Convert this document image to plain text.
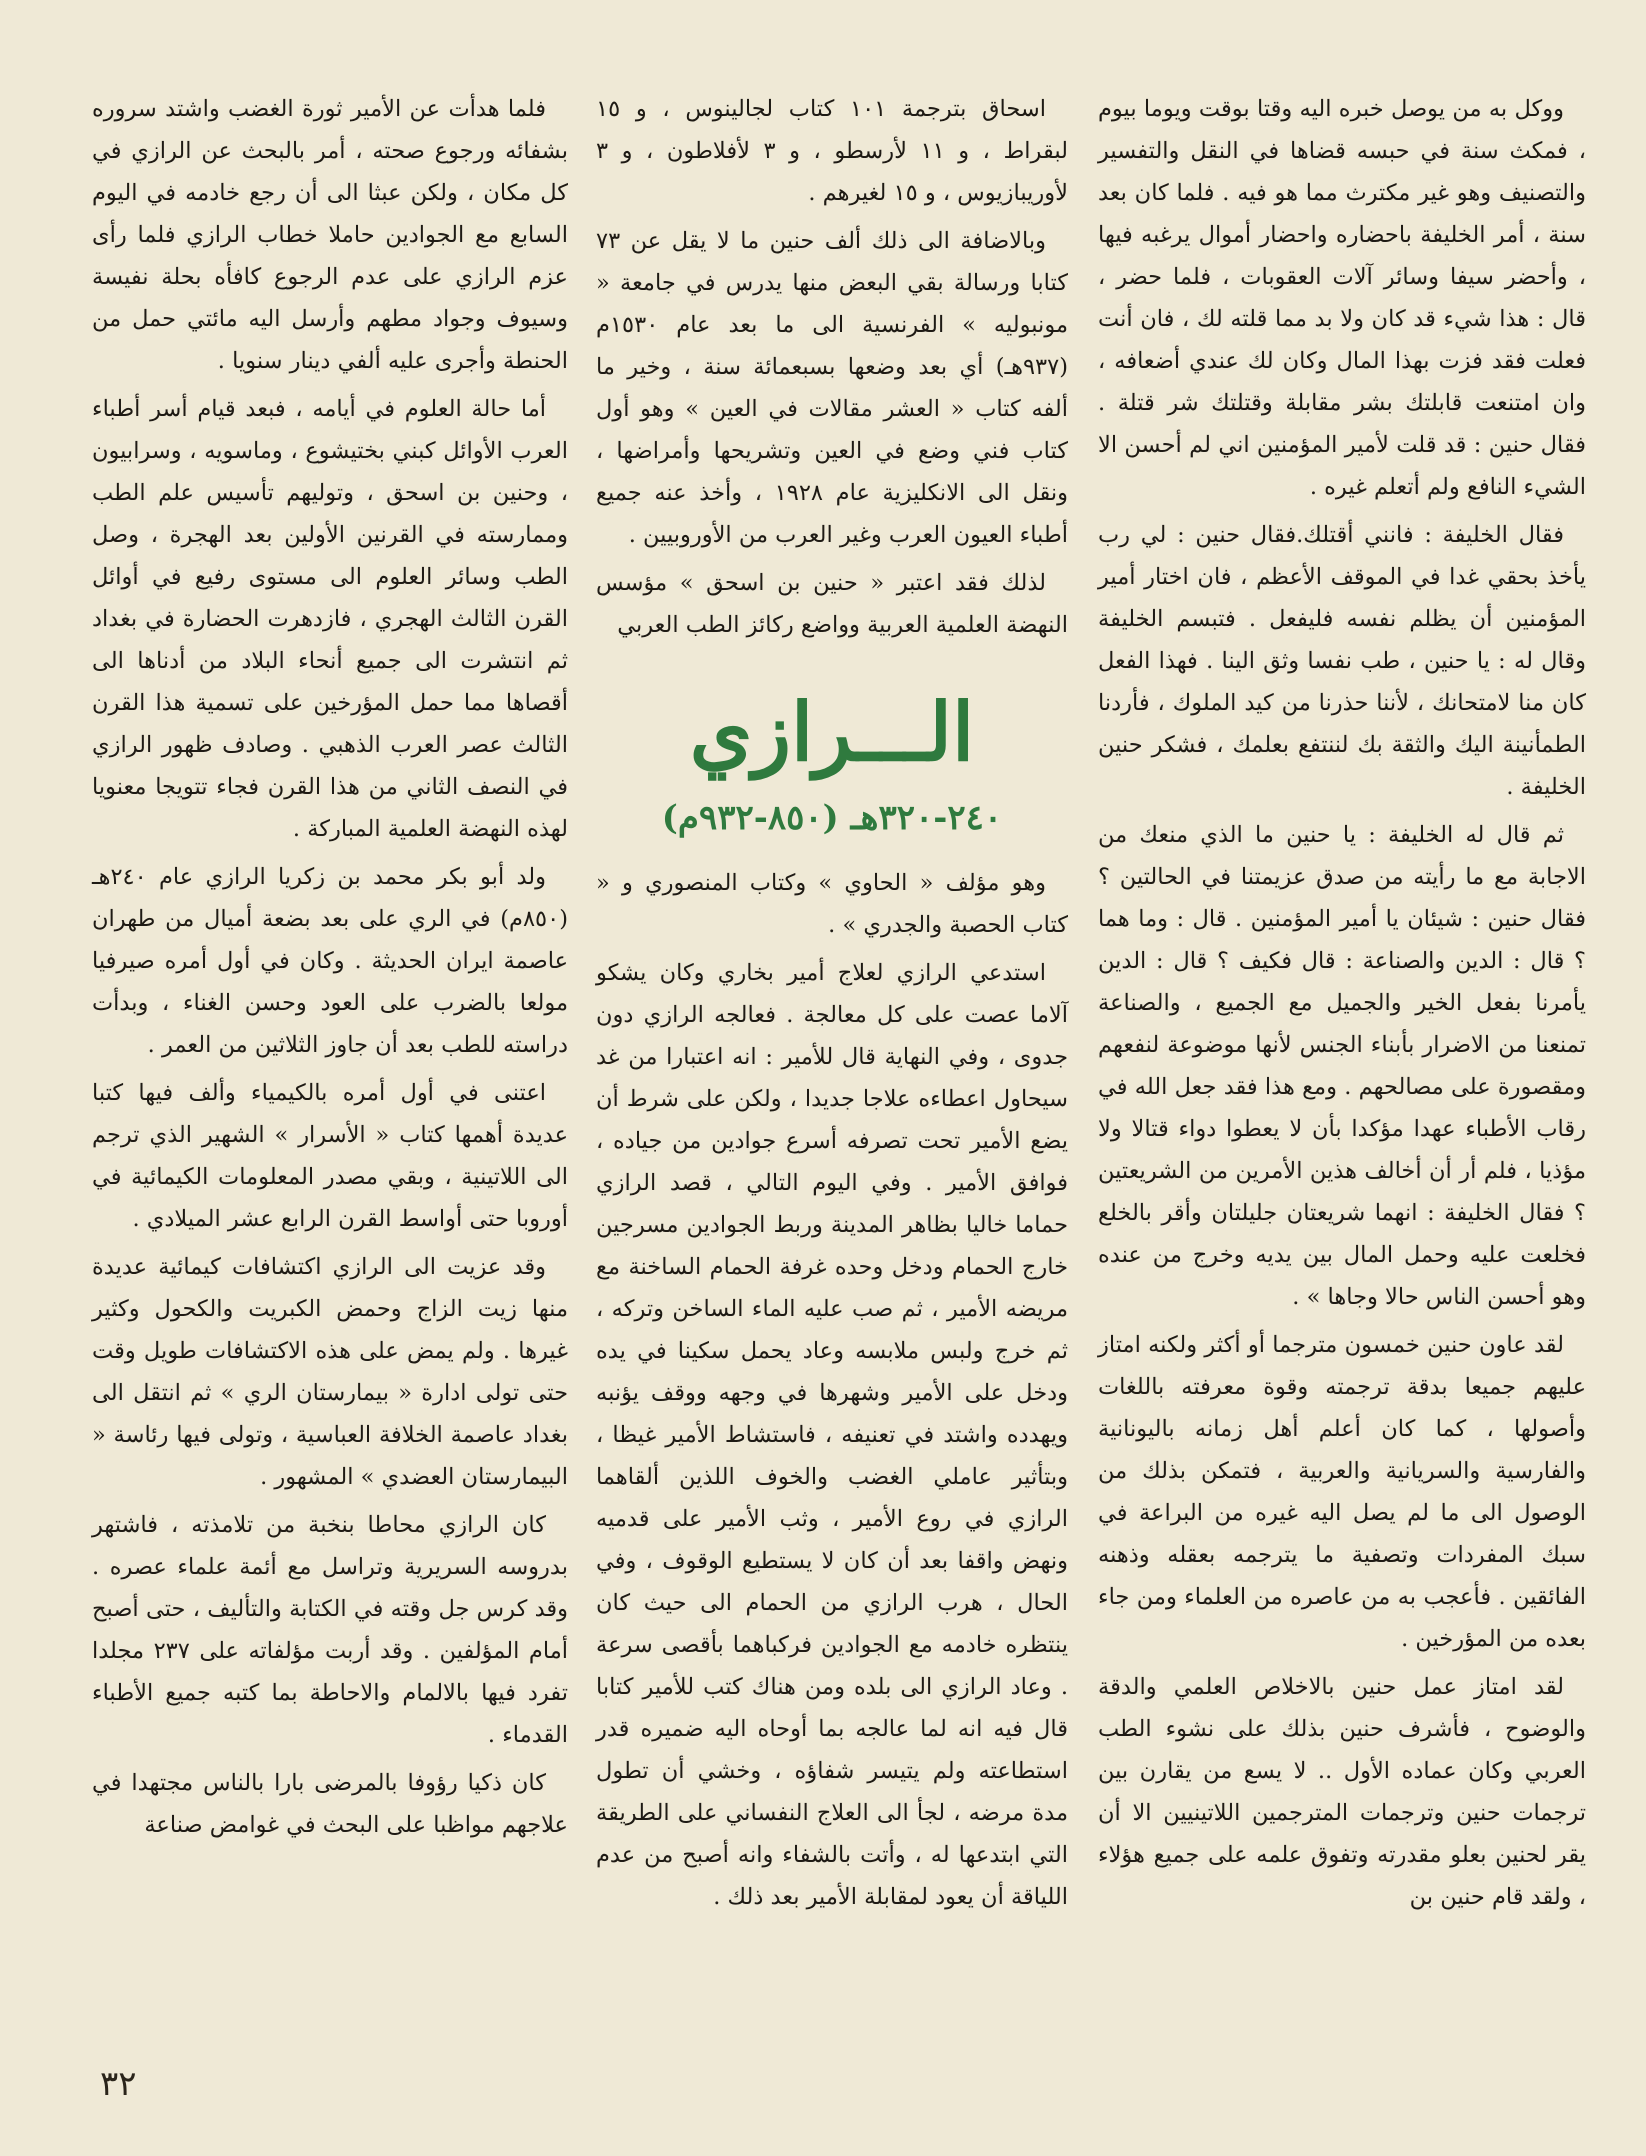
ووكل به من يوصل خبره اليه وقتا بوقت ويوما بيوم ، فمكث سنة في حبسه قضاها في النقل والتفسير والتصنيف وهو غير مكترث مما هو فيه . فلما كان بعد سنة ، أمر الخليفة باحضاره واحضار أموال يرغبه فيها ، وأحضر سيفا وسائر آلات العقوبات ، فلما حضر ، قال : هذا شيء قد كان ولا بد مما قلته لك ، فان أنت فعلت فقد فزت بهذا المال وكان لك عندي أضعافه ، وان امتنعت قابلتك بشر مقابلة وقتلتك شر قتلة . فقال حنين : قد قلت لأمير المؤمنين اني لم أحسن الا الشيء النافع ولم أتعلم غيره .

فقال الخليفة : فانني أقتلك.فقال حنين : لي رب يأخذ بحقي غدا في الموقف الأعظم ، فان اختار أمير المؤمنين أن يظلم نفسه فليفعل . فتبسم الخليفة وقال له : يا حنين ، طب نفسا وثق الينا . فهذا الفعل كان منا لامتحانك ، لأننا حذرنا من كيد الملوك ، فأردنا الطمأنينة اليك والثقة بك لننتفع بعلمك ، فشكر حنين الخليفة .

ثم قال له الخليفة : يا حنين ما الذي منعك من الاجابة مع ما رأيته من صدق عزيمتنا في الحالتين ؟ فقال حنين : شيئان يا أمير المؤمنين . قال : وما هما ؟ قال : الدين والصناعة : قال فكيف ؟ قال : الدين يأمرنا بفعل الخير والجميل مع الجميع ، والصناعة تمنعنا من الاضرار بأبناء الجنس لأنها موضوعة لنفعهم ومقصورة على مصالحهم . ومع هذا فقد جعل الله في رقاب الأطباء عهدا مؤكدا بأن لا يعطوا دواء قتالا ولا مؤذيا ، فلم أر أن أخالف هذين الأمرين من الشريعتين ؟ فقال الخليفة : انهما شريعتان جليلتان وأقر بالخلع فخلعت عليه وحمل المال بين يديه وخرج من عنده وهو أحسن الناس حالا وجاها » .

لقد عاون حنين خمسون مترجما أو أكثر ولكنه امتاز عليهم جميعا بدقة ترجمته وقوة معرفته باللغات وأصولها ، كما كان أعلم أهل زمانه باليونانية والفارسية والسريانية والعربية ، فتمكن بذلك من الوصول الى ما لم يصل اليه غيره من البراعة في سبك المفردات وتصفية ما يترجمه بعقله وذهنه الفائقين . فأعجب به من عاصره من العلماء ومن جاء بعده من المؤرخين .

لقد امتاز عمل حنين بالاخلاص العلمي والدقة والوضوح ، فأشرف حنين بذلك على نشوء الطب العربي وكان عماده الأول .. لا يسع من يقارن بين ترجمات حنين وترجمات المترجمين اللاتينيين الا أن يقر لحنين بعلو مقدرته وتفوق علمه على جميع هؤلاء ، ولقد قام حنين بن

اسحاق بترجمة ١٠١ كتاب لجالينوس ، و ١٥ لبقراط ، و ١١ لأرسطو ، و ٣ لأفلاطون ، و ٣ لأوريبازيوس ، و ١٥ لغيرهم .

وبالاضافة الى ذلك ألف حنين ما لا يقل عن ٧٣ كتابا ورسالة بقي البعض منها يدرس في جامعة « مونبوليه » الفرنسية الى ما بعد عام ١٥٣٠م (٩٣٧هـ) أي بعد وضعها بسبعمائة سنة ، وخير ما ألفه كتاب « العشر مقالات في العين » وهو أول كتاب فني وضع في العين وتشريحها وأمراضها ، ونقل الى الانكليزية عام ١٩٢٨ ، وأخذ عنه جميع أطباء العيون العرب وغير العرب من الأوروبيين .

لذلك فقد اعتبر « حنين بن اسحق » مؤسس النهضة العلمية العربية وواضع ركائز الطب العربي

الـــرازي
٢٤٠-٣٢٠هـ (٨٥٠-٩٣٢م)

وهو مؤلف « الحاوي » وكتاب المنصوري و « كتاب الحصبة والجدري » .

استدعي الرازي لعلاج أمير بخاري وكان يشكو آلاما عصت على كل معالجة . فعالجه الرازي دون جدوى ، وفي النهاية قال للأمير : انه اعتبارا من غد سيحاول اعطاءه علاجا جديدا ، ولكن على شرط أن يضع الأمير تحت تصرفه أسرع جوادين من جياده ، فوافق الأمير . وفي اليوم التالي ، قصد الرازي حماما خاليا بظاهر المدينة وربط الجوادين مسرجين خارج الحمام ودخل وحده غرفة الحمام الساخنة مع مريضه الأمير ، ثم صب عليه الماء الساخن وتركه ، ثم خرج ولبس ملابسه وعاد يحمل سكينا في يده ودخل على الأمير وشهرها في وجهه ووقف يؤنبه ويهدده واشتد في تعنيفه ، فاستشاط الأمير غيظا ، وبتأثير عاملي الغضب والخوف اللذين ألقاهما الرازي في روع الأمير ، وثب الأمير على قدميه ونهض واقفا بعد أن كان لا يستطيع الوقوف ، وفي الحال ، هرب الرازي من الحمام الى حيث كان ينتظره خادمه مع الجوادين فركباهما بأقصى سرعة . وعاد الرازي الى بلده ومن هناك كتب للأمير كتابا قال فيه انه لما عالجه بما أوحاه اليه ضميره قدر استطاعته ولم يتيسر شفاؤه ، وخشي أن تطول مدة مرضه ، لجأ الى العلاج النفساني على الطريقة التي ابتدعها له ، وأتت بالشفاء وانه أصبح من عدم اللياقة أن يعود لمقابلة الأمير بعد ذلك .

فلما هدأت عن الأمير ثورة الغضب واشتد سروره بشفائه ورجوع صحته ، أمر بالبحث عن الرازي في كل مكان ، ولكن عبثا الى أن رجع خادمه في اليوم السابع مع الجوادين حاملا خطاب الرازي فلما رأى عزم الرازي على عدم الرجوع كافأه بحلة نفيسة وسيوف وجواد مطهم وأرسل اليه مائتي حمل من الحنطة وأجرى عليه ألفي دينار سنويا .

أما حالة العلوم في أيامه ، فبعد قيام أسر أطباء العرب الأوائل كبني بختيشوع ، وماسويه ، وسرابيون ، وحنين بن اسحق ، وتوليهم تأسيس علم الطب وممارسته في القرنين الأولين بعد الهجرة ، وصل الطب وسائر العلوم الى مستوى رفيع في أوائل القرن الثالث الهجري ، فازدهرت الحضارة في بغداد ثم انتشرت الى جميع أنحاء البلاد من أدناها الى أقصاها مما حمل المؤرخين على تسمية هذا القرن الثالث عصر العرب الذهبي . وصادف ظهور الرازي في النصف الثاني من هذا القرن فجاء تتويجا معنويا لهذه النهضة العلمية المباركة .

ولد أبو بكر محمد بن زكريا الرازي عام ٢٤٠هـ (٨٥٠م) في الري على بعد بضعة أميال من طهران عاصمة ايران الحديثة . وكان في أول أمره صيرفيا مولعا بالضرب على العود وحسن الغناء ، وبدأت دراسته للطب بعد أن جاوز الثلاثين من العمر .

اعتنى في أول أمره بالكيمياء وألف فيها كتبا عديدة أهمها كتاب « الأسرار » الشهير الذي ترجم الى اللاتينية ، وبقي مصدر المعلومات الكيمائية في أوروبا حتى أواسط القرن الرابع عشر الميلادي .

وقد عزيت الى الرازي اكتشافات كيمائية عديدة منها زيت الزاج وحمض الكبريت والكحول وكثير غيرها . ولم يمض على هذه الاكتشافات طويل وقت حتى تولى ادارة « بيمارستان الري » ثم انتقل الى بغداد عاصمة الخلافة العباسية ، وتولى فيها رئاسة « البيمارستان العضدي » المشهور .

كان الرازي محاطا بنخبة من تلامذته ، فاشتهر بدروسه السريرية وتراسل مع أئمة علماء عصره . وقد كرس جل وقته في الكتابة والتأليف ، حتى أصبح أمام المؤلفين . وقد أربت مؤلفاته على ٢٣٧ مجلدا تفرد فيها بالالمام والاحاطة بما كتبه جميع الأطباء القدماء .

كان ذكيا رؤوفا بالمرضى بارا بالناس مجتهدا في علاجهم مواظبا على البحث في غوامض صناعة

٣٢
